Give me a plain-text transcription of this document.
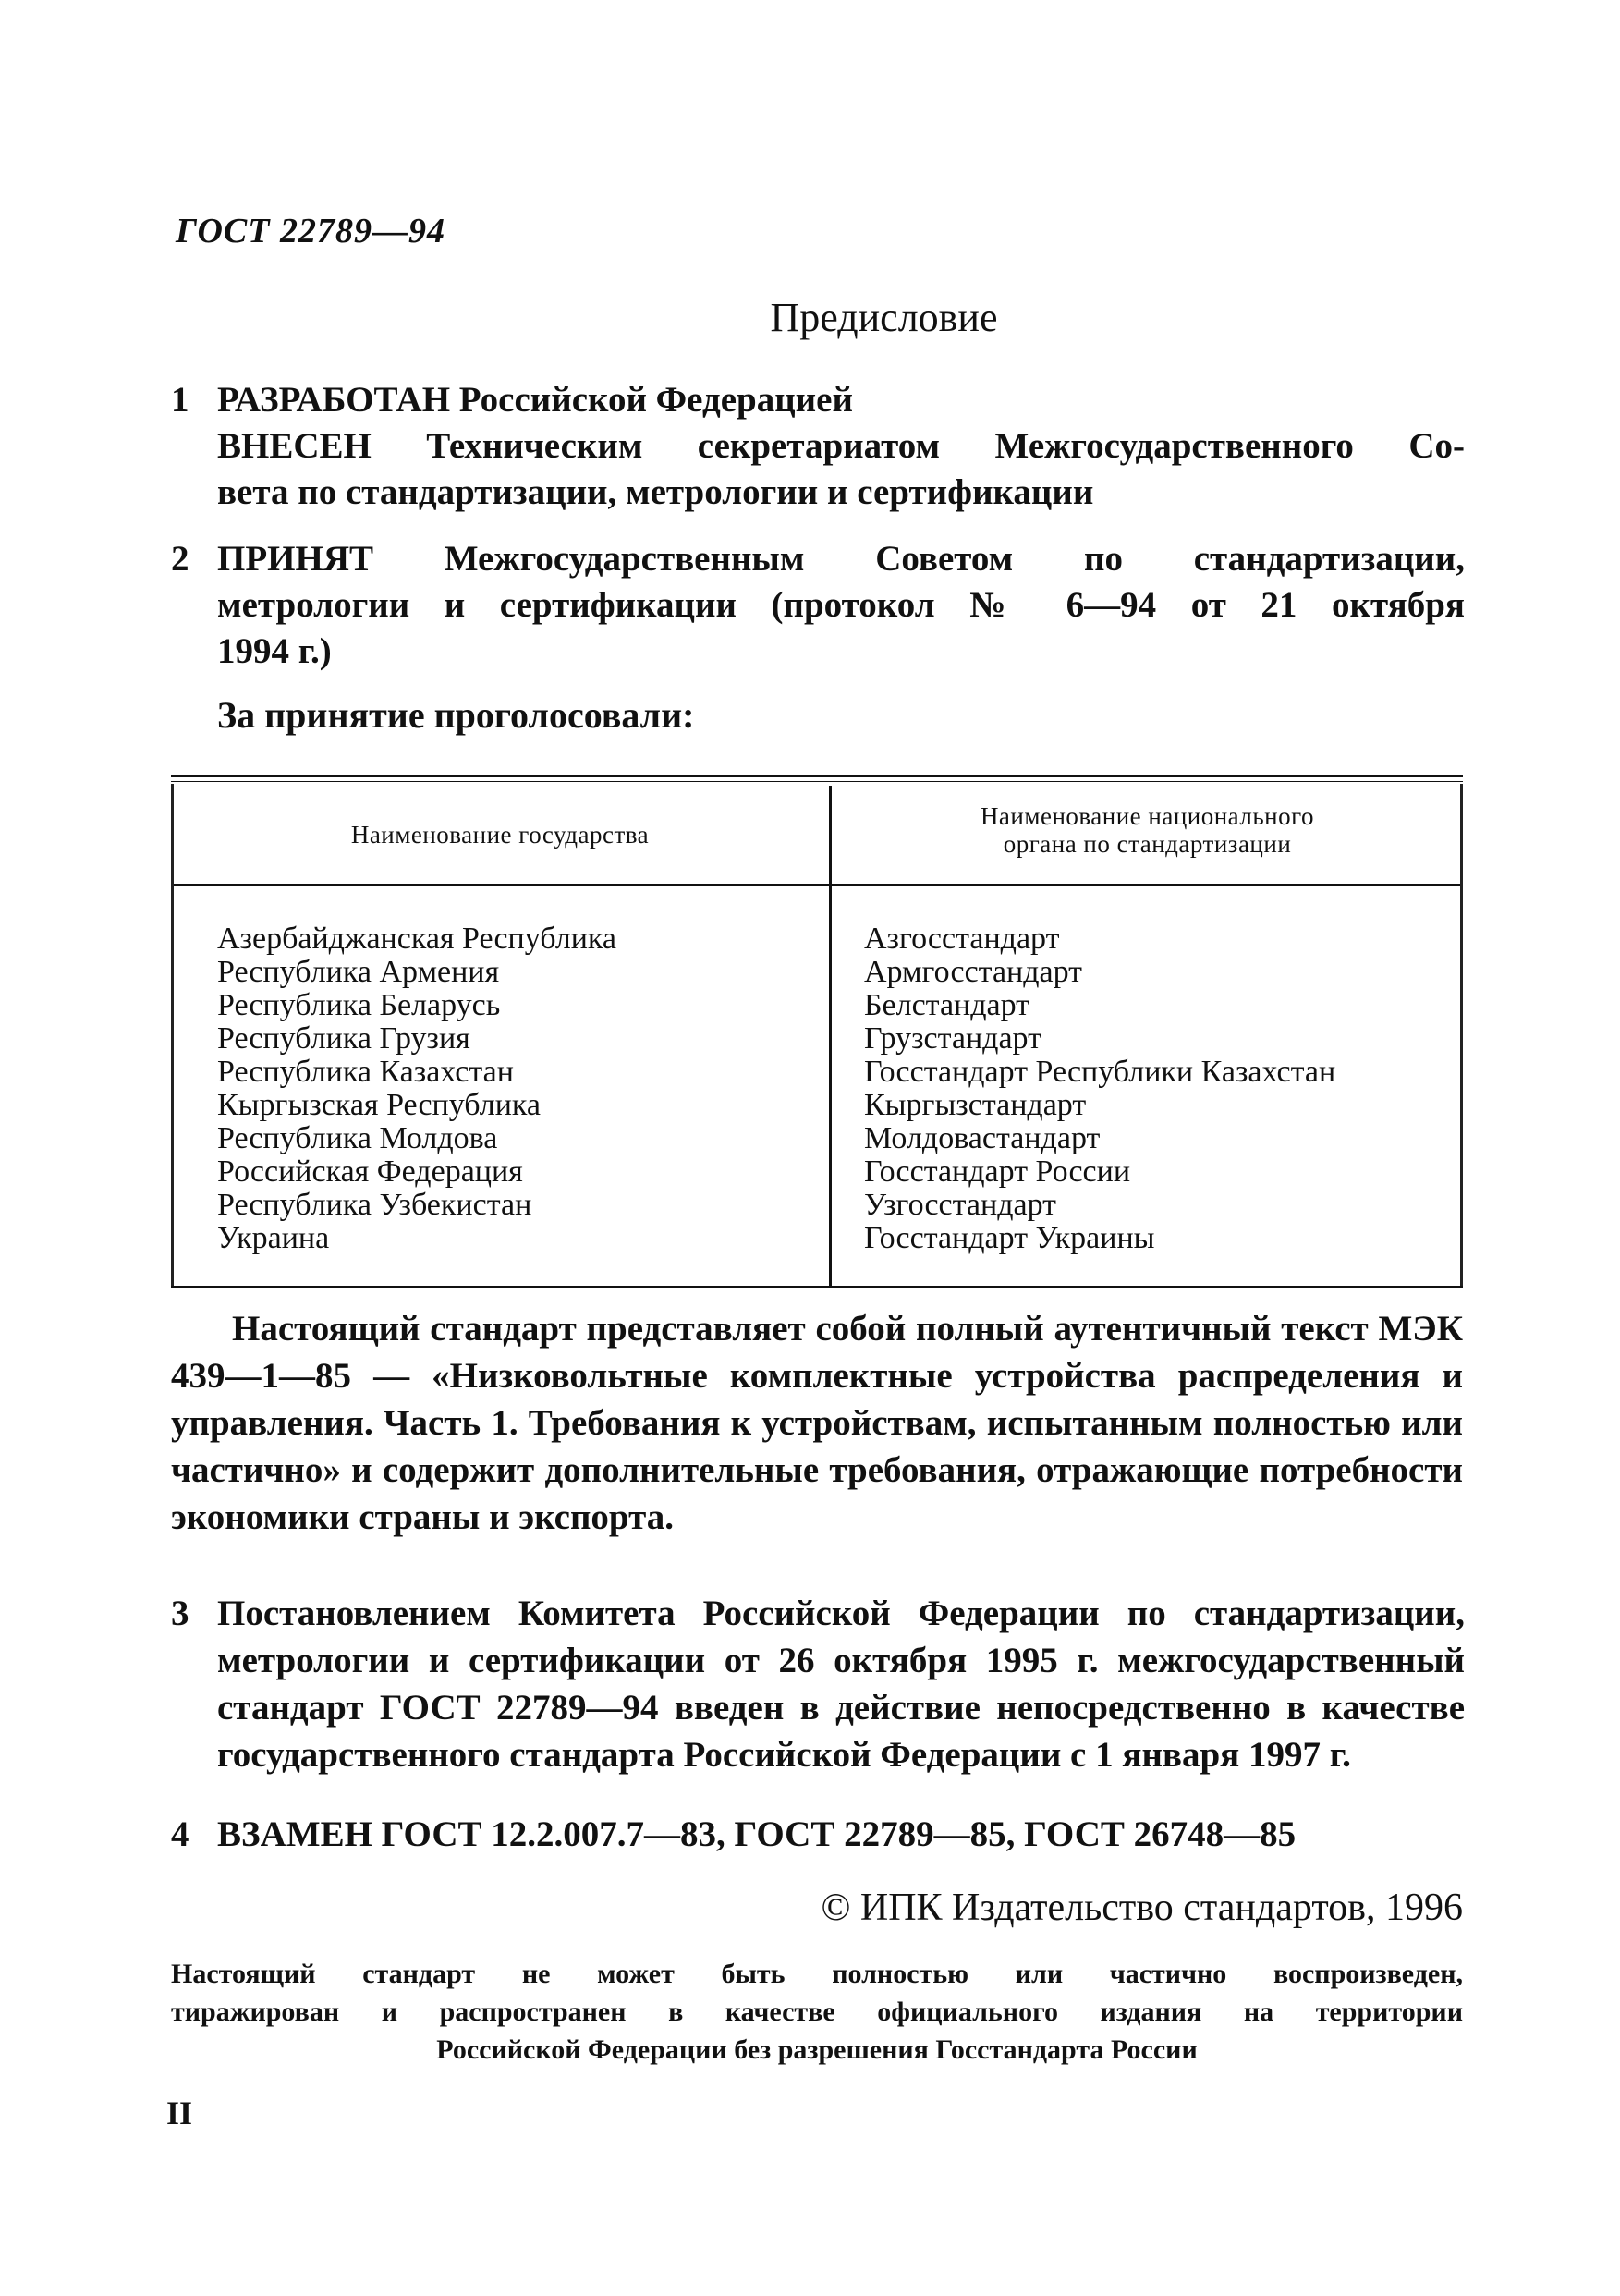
ГОСТ 22789—94
Предисловие
1 РАЗРАБОТАН Российской Федерацией
ВНЕСЕН Техническим секретариатом Межгосударственного Со-
вета по стандартизации, метрологии и сертификации
2 ПРИНЯТ Межгосударственным Советом по стандартизации,
метрологии и сертификации (протокол № 6—94 от 21 октября
1994 г.)
За принятие проголосовали:
Наименование государства
Наименование национального
органа по стандартизации
Азербайджанская Республика
Республика Армения
Республика Беларусь
Республика Грузия
Республика Казахстан
Кыргызская Республика
Республика Молдова
Российская Федерация
Республика Узбекистан
Украина
Азгосстандарт
Армгосстандарт
Белстандарт
Грузстандарт
Госстандарт Республики Казахстан
Кыргызстандарт
Молдовастандарт
Госстандарт России
Узгосстандарт
Госстандарт Украины
Настоящий стандарт представляет собой полный аутентичный текст МЭК 439—1—85 — «Низковольтные комплектные устройства распределения и управления. Часть 1. Требования к устройствам, испытанным полностью или частично» и содержит дополнительные требования, отражающие потребности экономики страны и экспорта.
3 Постановлением Комитета Российской Федерации по стандартизации, метрологии и сертификации от 26 октября 1995 г. межгосударственный стандарт ГОСТ 22789—94 введен в действие непосредственно в качестве государственного стандарта Российской Федерации с 1 января 1997 г.
4 ВЗАМЕН ГОСТ 12.2.007.7—83, ГОСТ 22789—85, ГОСТ 26748—85
© ИПК Издательство стандартов, 1996
Настоящий стандарт не может быть полностью или частично воспроизведен,
тиражирован и распространен в качестве официального издания на территории
Российской Федерации без разрешения Госстандарта России
II
